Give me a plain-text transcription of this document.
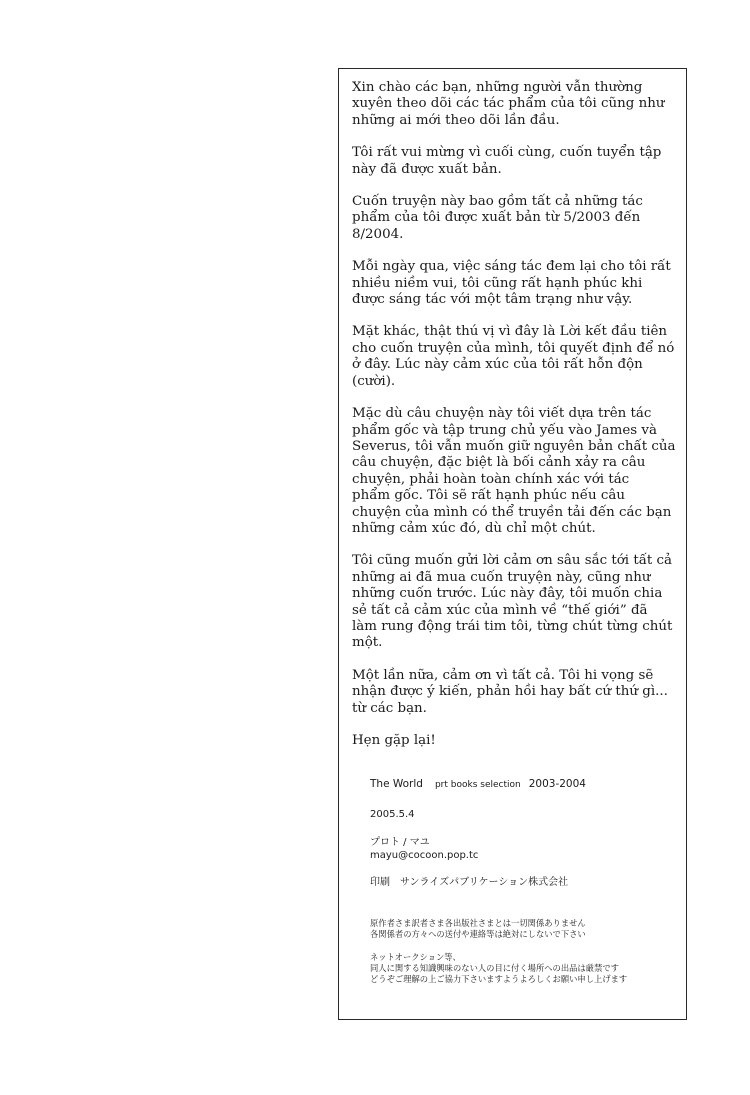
Xin chào các bạn, những người vẫn thường
xuyên theo dõi các tác phẩm của tôi cũng như
những ai mới theo dõi lần đầu.

Tôi rất vui mừng vì cuối cùng, cuốn tuyển tập
này đã được xuất bản.

Cuốn truyện này bao gồm tất cả những tác
phẩm của tôi được xuất bản từ 5/2003 đến
8/2004.

Mỗi ngày qua, việc sáng tác đem lại cho tôi rất
nhiều niềm vui, tôi cũng rất hạnh phúc khi
được sáng tác với một tâm trạng như vậy.

Mặt khác, thật thú vị vì đây là Lời kết đầu tiên
cho cuốn truyện của mình, tôi quyết định để nó
ở đây. Lúc này cảm xúc của tôi rất hỗn độn
(cười).

Mặc dù câu chuyện này tôi viết dựa trên tác
phẩm gốc và tập trung chủ yếu vào James và
Severus, tôi vẫn muốn giữ nguyên bản chất của
câu chuyện, đặc biệt là bối cảnh xảy ra câu
chuyện, phải hoàn toàn chính xác với tác
phẩm gốc. Tôi sẽ rất hạnh phúc nếu câu
chuyện của mình có thể truyền tải đến các bạn
những cảm xúc đó, dù chỉ một chút.

Tôi cũng muốn gửi lời cảm ơn sâu sắc tới tất cả
những ai đã mua cuốn truyện này, cũng như
những cuốn trước. Lúc này đây, tôi muốn chia
sẻ tất cả cảm xúc của mình về “thế giới” đã
làm rung động trái tim tôi, từng chút từng chút
một.

Một lần nữa, cảm ơn vì tất cả. Tôi hi vọng sẽ
nhận được ý kiến, phản hồi hay bất cứ thứ gì...
từ các bạn.

Hẹn gặp lại!

The World prt books selection 2003-2004

2005.5.4

プロト / マユ

mayu@cocoon.pop.tc

印刷　サンライズパブリケーション株式会社

原作者さま訳者さま各出版社さまとは一切関係ありません
各関係者の方々への送付や連絡等は絶対にしないで下さい

ネットオークション等、
同人に関する知識興味のない人の目に付く場所への出品は厳禁です
どうぞご理解の上ご協力下さいますようよろしくお願い申し上げます
